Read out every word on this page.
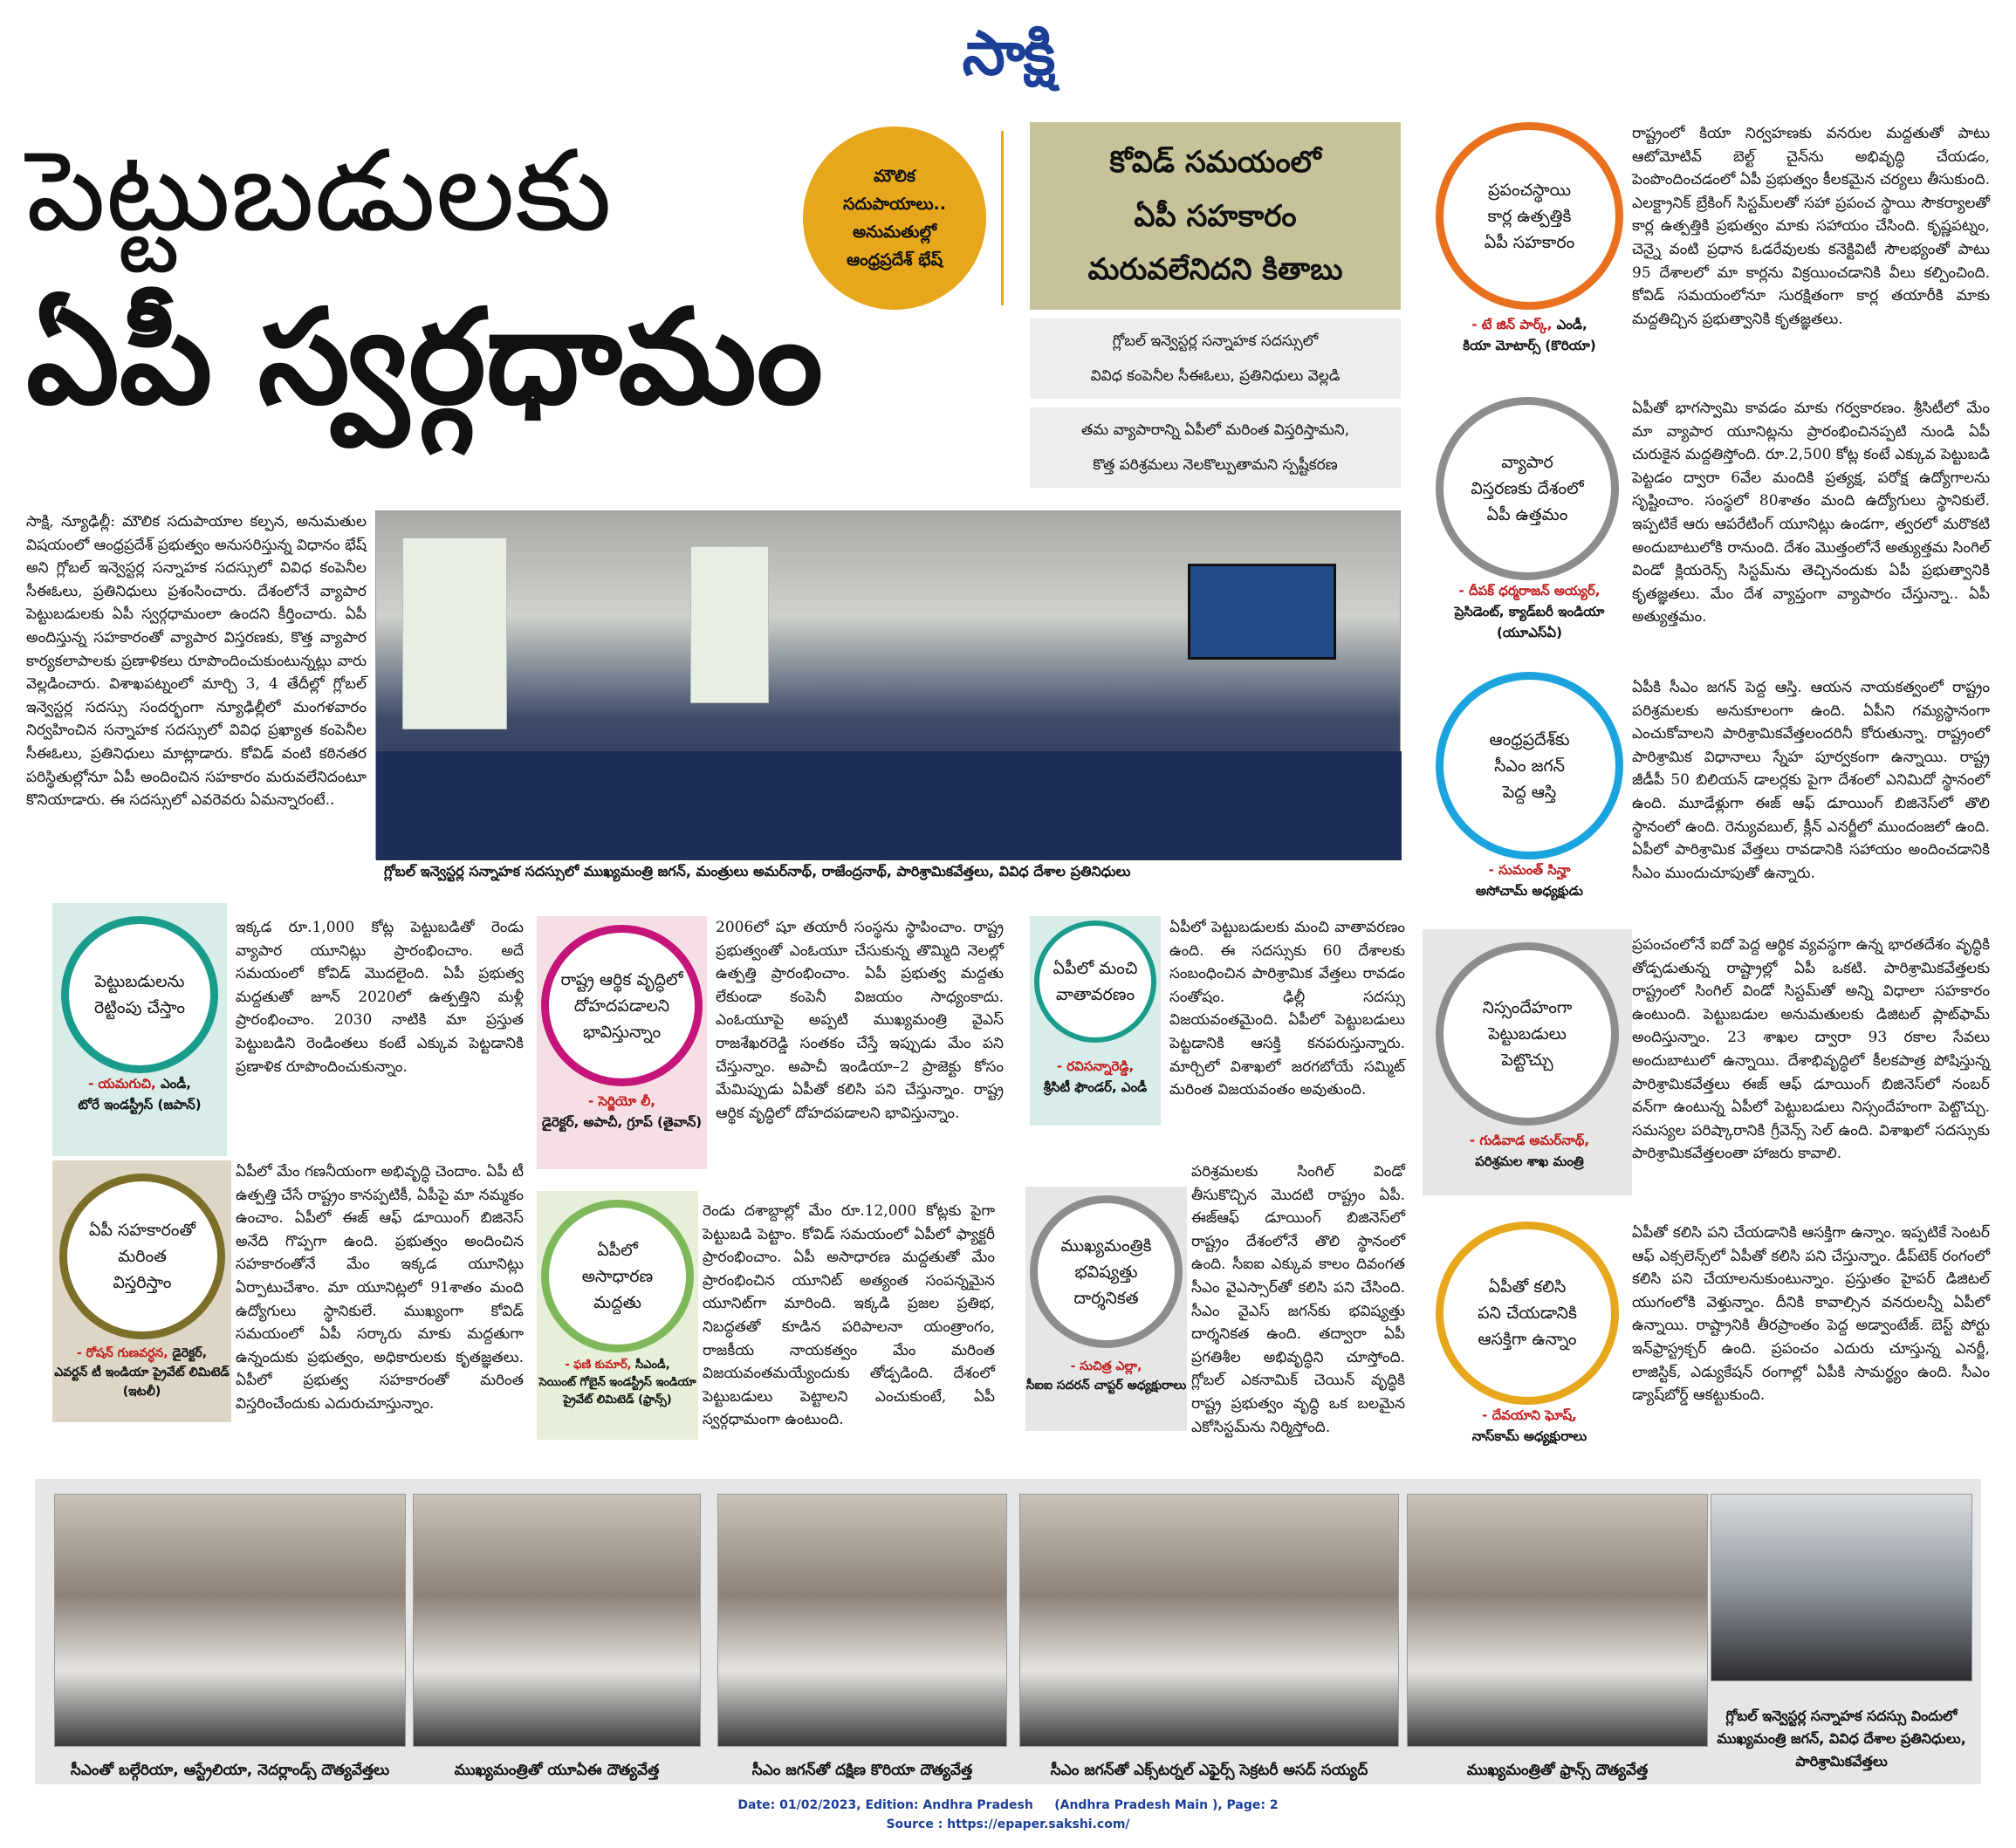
సాక్షి
పెట్టుబడులకు
ఏపీ స్వర్గధామం
మౌలిక
సదుపాయాలు..
అనుమతుల్లో
ఆంధ్రప్రదేశ్ భేష్
కోవిడ్ సమయంలో
ఏపీ సహకారం
మరువలేనిదని కితాబు
గ్లోబల్ ఇన్వెస్టర్ల సన్నాహక సదస్సులో
వివిధ కంపెనీల సీఈఓలు, ప్రతినిధులు వెల్లడి
తమ వ్యాపారాన్ని ఏపీలో మరింత విస్తరిస్తామని,
కొత్త పరిశ్రమలు నెలకొల్పుతామని స్పష్టీకరణ

సాక్షి, న్యూఢిల్లీ: మౌలిక సదుపాయాల కల్పన, అనుమతుల విషయంలో ఆంధ్రప్రదేశ్ ప్రభుత్వం అనుసరిస్తున్న విధానం భేష్ అని గ్లోబల్ ఇన్వెస్టర్ల సన్నాహక సదస్సులో వివిధ కంపెనీల సీఈఓలు, ప్రతినిధులు ప్రశంసించారు. దేశంలోనే వ్యాపార పెట్టుబడులకు ఏపీ స్వర్గధామంలా ఉందని కీర్తించారు. ఏపీ అందిస్తున్న సహకారంతో వ్యాపార విస్తరణకు, కొత్త వ్యాపార కార్యకలాపాలకు ప్రణాళికలు రూపొందించుకుంటున్నట్లు వారు వెల్లడించారు. విశాఖపట్నంలో మార్చి 3, 4 తేదీల్లో గ్లోబల్ ఇన్వెస్టర్ల సదస్సు సందర్భంగా న్యూఢిల్లీలో మంగళవారం నిర్వహించిన సన్నాహక సదస్సులో వివిధ ప్రఖ్యాత కంపెనీల సీఈఓలు, ప్రతినిధులు మాట్లాడారు. కోవిడ్ వంటి కఠినతర పరిస్థితుల్లోనూ ఏపీ అందించిన సహకారం మరువలేనిదంటూ కొనియాడారు. ఈ సదస్సులో ఎవరెవరు ఏమన్నారంటే..

గ్లోబల్ ఇన్వెస్టర్ల సన్నాహక సదస్సులో ముఖ్యమంత్రి జగన్, మంత్రులు అమర్‌నాథ్, రాజేంద్రనాథ్, పారిశ్రామికవేత్తలు, వివిధ దేశాల ప్రతినిధులు
ప్రపంచస్థాయి
కార్ల ఉత్పత్తికి
ఏపీ సహకారం
- టే జిన్ పార్క్, ఎండీ,
కియా మోటార్స్ (కొరియా)

రాష్ట్రంలో కియా నిర్వహణకు వనరుల మద్దతుతో పాటు ఆటోమోటివ్ బెల్ట్ చైన్‌ను అభివృద్ధి చేయడం, పెంపొందించడంలో ఏపీ ప్రభుత్వం కీలకమైన చర్యలు తీసుకుంది. ఎలక్ట్రానిక్ బ్రేకింగ్ సిస్టమ్‌లతో సహా ప్రపంచ స్థాయి సౌకర్యాలతో కార్ల ఉత్పత్తికి ప్రభుత్వం మాకు సహాయం చేసింది. కృష్ణపట్నం, చెన్నై వంటి ప్రధాన ఓడరేవులకు కనెక్టివిటీ సౌలభ్యంతో పాటు 95 దేశాలలో మా కార్లను విక్రయించడానికి వీలు కల్పించింది. కోవిడ్ సమయంలోనూ సురక్షితంగా కార్ల తయారీకి మాకు మద్దతిచ్చిన ప్రభుత్వానికి కృతజ్ఞతలు.

వ్యాపార
విస్తరణకు దేశంలో
ఏపీ ఉత్తమం
- దీపక్ ధర్మరాజన్ అయ్యర్,
ప్రెసిడెంట్, క్యాడ్‌బరీ ఇండియా (యూఎస్‌ఏ)

ఏపీతో భాగస్వామి కావడం మాకు గర్వకారణం. శ్రీసిటీలో మేం మా వ్యాపార యూనిట్లను ప్రారంభించినప్పటి నుండి ఏపీ చురుకైన మద్దతిస్తోంది. రూ.2,500 కోట్ల కంటే ఎక్కువ పెట్టుబడి పెట్టడం ద్వారా 6వేల మందికి ప్రత్యక్ష, పరోక్ష ఉద్యోగాలను సృష్టించాం. సంస్థలో 80శాతం మంది ఉద్యోగులు స్థానికులే. ఇప్పటికే ఆరు ఆపరేటింగ్ యూనిట్లు ఉండగా, త్వరలో మరొకటి అందుబాటులోకి రానుంది. దేశం మొత్తంలోనే అత్యుత్తమ సింగిల్ విండో క్లియరెన్స్ సిస్టమ్‌ను తెచ్చినందుకు ఏపీ ప్రభుత్వానికి కృతజ్ఞతలు. మేం దేశ వ్యాప్తంగా వ్యాపారం చేస్తున్నా.. ఏపీ అత్యుత్తమం.

ఆంధ్రప్రదేశ్‌కు
సీఎం జగన్
పెద్ద ఆస్తి
- సుమంత్ సిన్హా
అసోచామ్ అధ్యక్షుడు

ఏపీకి సీఎం జగన్ పెద్ద ఆస్తి. ఆయన నాయకత్వంలో రాష్ట్రం పరిశ్రమలకు అనుకూలంగా ఉంది. ఏపీని గమ్యస్థానంగా ఎంచుకోవాలని పారిశ్రామికవేత్తలందరినీ కోరుతున్నా. రాష్ట్రంలో పారిశ్రామిక విధానాలు స్నేహ పూర్వకంగా ఉన్నాయి. రాష్ట్ర జీడీపీ 50 బిలియన్ డాలర్లకు పైగా దేశంలో ఎనిమిదో స్థానంలో ఉంది. మూడేళ్లుగా ఈజ్ ఆఫ్ డూయింగ్ బిజినెస్‌లో తొలి స్థానంలో ఉంది. రెన్యువబుల్, క్లీన్ ఎనర్జీలో ముందంజలో ఉంది. ఏపీలో పారిశ్రామిక వేత్తలు రావడానికి సహాయం అందించడానికి సీఎం ముందుచూపుతో ఉన్నారు.

నిస్సందేహంగా
పెట్టుబడులు
పెట్టొచ్చు
- గుడివాడ అమర్‌నాథ్,
పరిశ్రమల శాఖ మంత్రి

ప్రపంచంలోనే ఐదో పెద్ద ఆర్థిక వ్యవస్థగా ఉన్న భారతదేశం వృద్ధికి తోడ్పడుతున్న రాష్ట్రాల్లో ఏపీ ఒకటి. పారిశ్రామికవేత్తలకు రాష్ట్రంలో సింగిల్ విండో సిస్టమ్‌తో అన్ని విధాలా సహకారం ఉంటుంది. పెట్టుబడుల అనుమతులకు డిజిటల్ ప్లాట్‌ఫామ్ అందిస్తున్నాం. 23 శాఖల ద్వారా 93 రకాల సేవలు అందుబాటులో ఉన్నాయి. దేశాభివృద్ధిలో కీలకపాత్ర పోషిస్తున్న పారిశ్రామికవేత్తలు ఈజ్ ఆఫ్ డూయింగ్ బిజినెస్‌లో నంబర్ వన్‌గా ఉంటున్న ఏపీలో పెట్టుబడులు నిస్సందేహంగా పెట్టొచ్చు. సమస్యల పరిష్కారానికి గ్రీవెన్స్ సెల్ ఉంది. విశాఖలో సదస్సుకు పారిశ్రామికవేత్తలంతా హాజరు కావాలి.

ఏపీతో కలిసి
పని చేయడానికి
ఆసక్తిగా ఉన్నాం
- దేవయాని ఘోష్,
నాస్‌కామ్ అధ్యక్షురాలు

ఏపీతో కలిసి పని చేయడానికి ఆసక్తిగా ఉన్నాం. ఇప్పటికే సెంటర్ ఆఫ్ ఎక్సలెన్స్‌లో ఏపీతో కలిసి పని చేస్తున్నాం. డీప్‌టెక్ రంగంలో కలిసి పని చేయాలనుకుంటున్నాం. ప్రస్తుతం హైపర్ డిజిటల్ యుగంలోకి వెళ్తున్నాం. దీనికి కావాల్సిన వనరులన్నీ ఏపీలో ఉన్నాయి. రాష్ట్రానికి తీరప్రాంతం పెద్ద అడ్వాంటేజ్. బెస్ట్ పోర్టు ఇన్‌ఫ్రాస్ట్రక్చర్ ఉంది. ప్రపంచం ఎదురు చూస్తున్న ఎనర్జీ, లాజిస్టిక్, ఎడ్యుకేషన్ రంగాల్లో ఏపీకి సామర్థ్యం ఉంది. సీఎం డ్యాష్‌బోర్డ్ ఆకట్టుకుంది.

పెట్టుబడులను
రెట్టింపు చేస్తాం
- యమగుచి, ఎండీ,
టోరే ఇండస్ట్రీస్ (జపాన్)

ఇక్కడ రూ.1,000 కోట్ల పెట్టుబడితో రెండు వ్యాపార యూనిట్లు ప్రారంభించాం. అదే సమయంలో కోవిడ్ మొదలైంది. ఏపీ ప్రభుత్వ మద్దతుతో జూన్ 2020లో ఉత్పత్తిని మళ్లీ ప్రారంభించాం. 2030 నాటికి మా ప్రస్తుత పెట్టుబడిని రెండింతలు కంటే ఎక్కువ పెట్టడానికి ప్రణాళిక రూపొందించుకున్నాం.

రాష్ట్ర ఆర్థిక వృద్ధిలో
దోహదపడాలని
భావిస్తున్నాం
- సెర్జియో లీ,
డైరెక్టర్, అపాచీ, గ్రూప్ (తైవాన్)

2006లో షూ తయారీ సంస్థను స్థాపించాం. రాష్ట్ర ప్రభుత్వంతో ఎంఓయూ చేసుకున్న తొమ్మిది నెలల్లో ఉత్పత్తి ప్రారంభించాం. ఏపీ ప్రభుత్వ మద్దతు లేకుండా కంపెనీ విజయం సాధ్యంకాదు. ఎంఓయూపై అప్పటి ముఖ్యమంత్రి వైఎస్ రాజశేఖరరెడ్డి సంతకం చేస్తే ఇప్పుడు మేం పని చేస్తున్నాం. అపాచీ ఇండియా–2 ప్రాజెక్టు కోసం మేమిప్పుడు ఏపీతో కలిసి పని చేస్తున్నాం. రాష్ట్ర ఆర్థిక వృద్ధిలో దోహదపడాలని భావిస్తున్నాం.

ఏపీలో మంచి
వాతావరణం
- రవిసన్నారెడ్డి,
శ్రీసిటీ ఫౌండర్, ఎండీ

ఏపీలో పెట్టుబడులకు మంచి వాతావరణం ఉంది. ఈ సదస్సుకు 60 దేశాలకు సంబంధించిన పారిశ్రామిక వేత్తలు రావడం సంతోషం. ఢిల్లీ సదస్సు విజయవంతమైంది. ఏపీలో పెట్టుబడులు పెట్టడానికి ఆసక్తి కనపరుస్తున్నారు. మార్చిలో విశాఖలో జరగబోయే సమ్మిట్ మరింత విజయవంతం అవుతుంది.

ఏపీ సహకారంతో
మరింత
విస్తరిస్తాం
- రోషన్ గుణవర్ధన, డైరెక్టర్,
ఎవర్టన్ టీ ఇండియా ప్రైవేట్ లిమిటెడ్ (ఇటలీ)

ఏపీలో మేం గణనీయంగా అభివృద్ధి చెందాం. ఏపీ టీ ఉత్పత్తి చేసే రాష్ట్రం కానప్పటికీ, ఏపీపై మా నమ్మకం ఉంచాం. ఏపీలో ఈజ్ ఆఫ్ డూయింగ్ బిజినెస్ అనేది గొప్పగా ఉంది. ప్రభుత్వం అందించిన సహకారంతోనే మేం ఇక్కడ యూనిట్లు ఏర్పాటుచేశాం. మా యూనిట్లలో 91శాతం మంది ఉద్యోగులు స్థానికులే. ముఖ్యంగా కోవిడ్ సమయంలో ఏపీ సర్కారు మాకు మద్దతుగా ఉన్నందుకు ప్రభుత్వం, అధికారులకు కృతజ్ఞతలు. ఏపీలో ప్రభుత్వ సహకారంతో మరింత విస్తరించేందుకు ఎదురుచూస్తున్నాం.

ఏపీలో
అసాధారణ
మద్దతు
- ఫణి కుమార్, సీఎండీ,
సెయింట్ గోబైన్ ఇండస్ట్రీస్ ఇండియా ప్రైవేట్ లిమిటెడ్ (ఫ్రాన్స్)

రెండు దశాబ్దాల్లో మేం రూ.12,000 కోట్లకు పైగా పెట్టుబడి పెట్టాం. కోవిడ్ సమయంలో ఏపీలో ఫ్యాక్టరీ ప్రారంభించాం. ఏపీ అసాధారణ మద్దతుతో మేం ప్రారంభించిన యూనిట్ అత్యంత సంపన్నమైన యూనిట్‌గా మారింది. ఇక్కడి ప్రజల ప్రతిభ, నిబద్ధతతో కూడిన పరిపాలనా యంత్రాంగం, రాజకీయ నాయకత్వం మేం మరింత విజయవంతమయ్యేందుకు తోడ్పడింది. దేశంలో పెట్టుబడులు పెట్టాలని ఎంచుకుంటే, ఏపీ స్వర్గధామంగా ఉంటుంది.

ముఖ్యమంత్రికి
భవిష్యత్తు
దార్శనికత
- సుచిత్ర ఎల్లా,
సీఐఐ సదరన్ చాప్టర్ అధ్యక్షురాలు

పరిశ్రమలకు సింగిల్ విండో తీసుకొచ్చిన మొదటి రాష్ట్రం ఏపీ. ఈజ్ఆఫ్ డూయింగ్ బిజినెస్‌లో రాష్ట్రం దేశంలోనే తొలి స్థానంలో ఉంది. సీఐఐ ఎక్కువ కాలం దివంగత సీఎం వైఎస్సార్‌తో కలిసి పని చేసింది. సీఎం వైఎస్ జగన్‌కు భవిష్యత్తు దార్శనికత ఉంది. తద్వారా ఏపీ ప్రగతిశీల అభివృద్ధిని చూస్తోంది. గ్లోబల్ ఎకనామిక్ చెయిన్ వృద్ధికి రాష్ట్ర ప్రభుత్వం వృద్ధి ఒక బలమైన ఎకోసిస్టమ్‌ను నిర్మిస్తోంది.

సీఎంతో బల్గేరియా, ఆస్ట్రేలియా, నెదర్లాండ్స్ దౌత్యవేత్తలు	ముఖ్యమంత్రితో యూఏఈ దౌత్యవేత్త	సీఎం జగన్‌తో దక్షిణ కొరియా దౌత్యవేత్త	సీఎం జగన్‌తో ఎక్స్‌టర్నల్ ఎఫైర్స్ సెక్రటరీ అసద్ సయ్యద్	ముఖ్యమంత్రితో ఫ్రాన్స్ దౌత్యవేత్త
గ్లోబల్ ఇన్వెస్టర్ల సన్నాహక సదస్సు విందులో ముఖ్యమంత్రి జగన్, వివిధ దేశాల ప్రతినిధులు, పారిశ్రామికవేత్తలు
Date: 01/02/2023, Edition: Andhra Pradesh     (Andhra Pradesh Main ), Page: 2
Source : https://epaper.sakshi.com/
